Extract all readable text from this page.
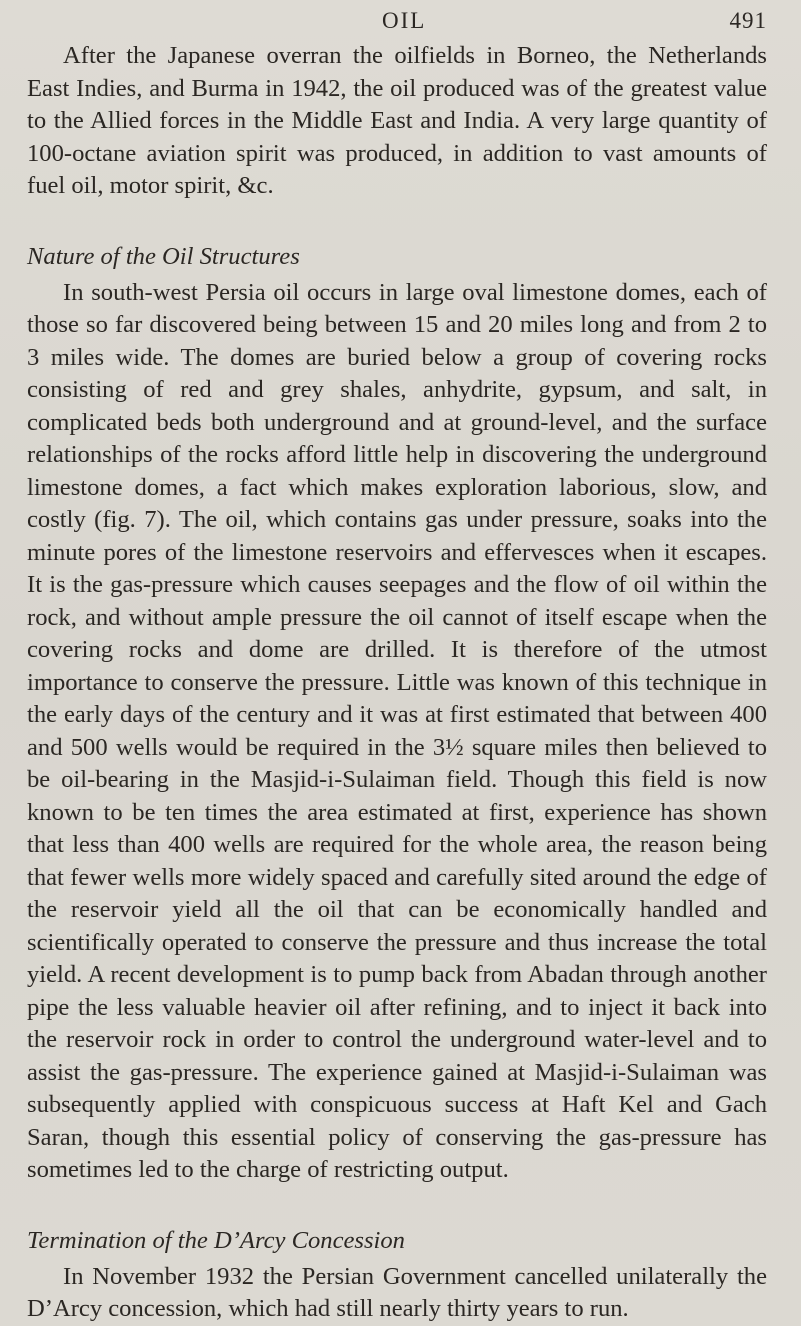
OIL	491

After the Japanese overran the oilfields in Borneo, the Netherlands East Indies, and Burma in 1942, the oil produced was of the greatest value to the Allied forces in the Middle East and India. A very large quantity of 100-octane aviation spirit was produced, in addition to vast amounts of fuel oil, motor spirit, &c.

Nature of the Oil Structures

In south-west Persia oil occurs in large oval limestone domes, each of those so far discovered being between 15 and 20 miles long and from 2 to 3 miles wide. The domes are buried below a group of covering rocks consisting of red and grey shales, anhydrite, gypsum, and salt, in complicated beds both underground and at ground-level, and the surface relationships of the rocks afford little help in discovering the underground limestone domes, a fact which makes exploration laborious, slow, and costly (fig. 7). The oil, which contains gas under pressure, soaks into the minute pores of the limestone reservoirs and effervesces when it escapes. It is the gas-pressure which causes seepages and the flow of oil within the rock, and without ample pressure the oil cannot of itself escape when the covering rocks and dome are drilled. It is therefore of the utmost importance to conserve the pressure. Little was known of this technique in the early days of the century and it was at first estimated that between 400 and 500 wells would be required in the 3½ square miles then believed to be oil-bearing in the Masjid-i-Sulaiman field. Though this field is now known to be ten times the area estimated at first, experience has shown that less than 400 wells are required for the whole area, the reason being that fewer wells more widely spaced and carefully sited around the edge of the reservoir yield all the oil that can be economically handled and scientifically operated to conserve the pressure and thus increase the total yield. A recent development is to pump back from Abadan through another pipe the less valuable heavier oil after refining, and to inject it back into the reservoir rock in order to control the underground water-level and to assist the gas-pressure. The experience gained at Masjid-i-Sulaiman was subsequently applied with conspicuous success at Haft Kel and Gach Saran, though this essential policy of conserving the gas-pressure has sometimes led to the charge of restricting output.

Termination of the D’Arcy Concession

In November 1932 the Persian Government cancelled unilaterally the D’Arcy concession, which had still nearly thirty years to run.
